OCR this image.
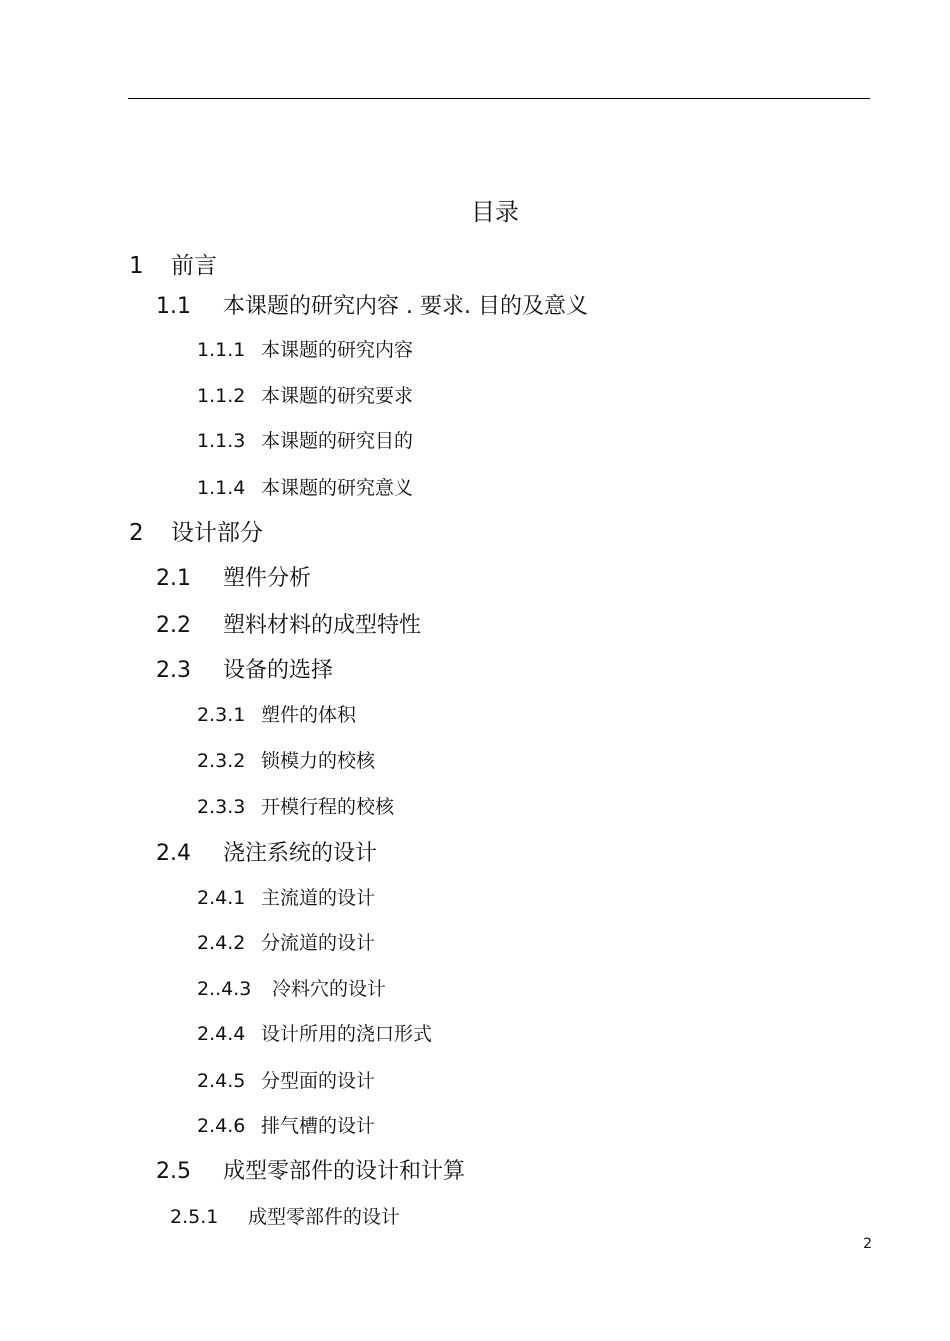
目录
1 前言
1.1 本课题的研究内容 . 要求. 目的及意义
1.1.1 本课题的研究内容
1.1.2 本课题的研究要求
1.1.3 本课题的研究目的
1.1.4 本课题的研究意义
2 设计部分
2.1 塑件分析
2.2 塑料材料的成型特性
2.3 设备的选择
2.3.1 塑件的体积
2.3.2 锁模力的校核
2.3.3 开模行程的校核
2.4 浇注系统的设计
2.4.1 主流道的设计
2.4.2 分流道的设计
2..4.3 冷料穴的设计
2.4.4 设计所用的浇口形式
2.4.5 分型面的设计
2.4.6 排气槽的设计
2.5 成型零部件的设计和计算
2.5.1 成型零部件的设计
2
